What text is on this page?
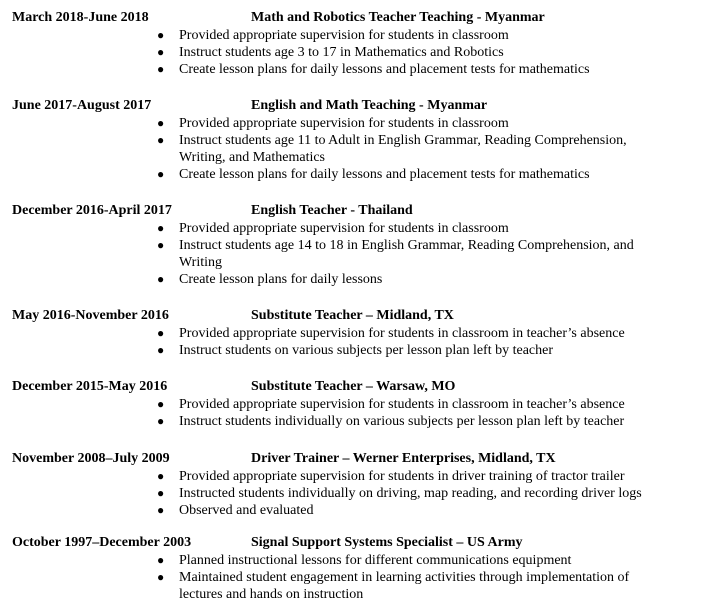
March 2018-June 2018	Math and Robotics Teacher Teaching - Myanmar
● Provided appropriate supervision for students in classroom
● Instruct students age 3 to 17 in Mathematics and Robotics
● Create lesson plans for daily lessons and placement tests for mathematics
June 2017-August 2017	English and Math Teaching - Myanmar
● Provided appropriate supervision for students in classroom
● Instruct students age 11 to Adult in English Grammar, Reading Comprehension, Writing, and Mathematics
● Create lesson plans for daily lessons and placement tests for mathematics
December 2016-April 2017	English Teacher - Thailand
● Provided appropriate supervision for students in classroom
● Instruct students age 14 to 18 in English Grammar, Reading Comprehension, and Writing
● Create lesson plans for daily lessons
May 2016-November 2016	Substitute Teacher – Midland, TX
● Provided appropriate supervision for students in classroom in teacher’s absence
● Instruct students on various subjects per lesson plan left by teacher
December 2015-May 2016	Substitute Teacher – Warsaw, MO
● Provided appropriate supervision for students in classroom in teacher’s absence
● Instruct students individually on various subjects per lesson plan left by teacher
November 2008–July 2009	Driver Trainer – Werner Enterprises, Midland, TX
● Provided appropriate supervision for students in driver training of tractor trailer
● Instructed students individually on driving, map reading, and recording driver logs
● Observed and evaluated
October 1997–December 2003	Signal Support Systems Specialist – US Army
● Planned instructional lessons for different communications equipment
● Maintained student engagement in learning activities through implementation of lectures and hands on instruction
